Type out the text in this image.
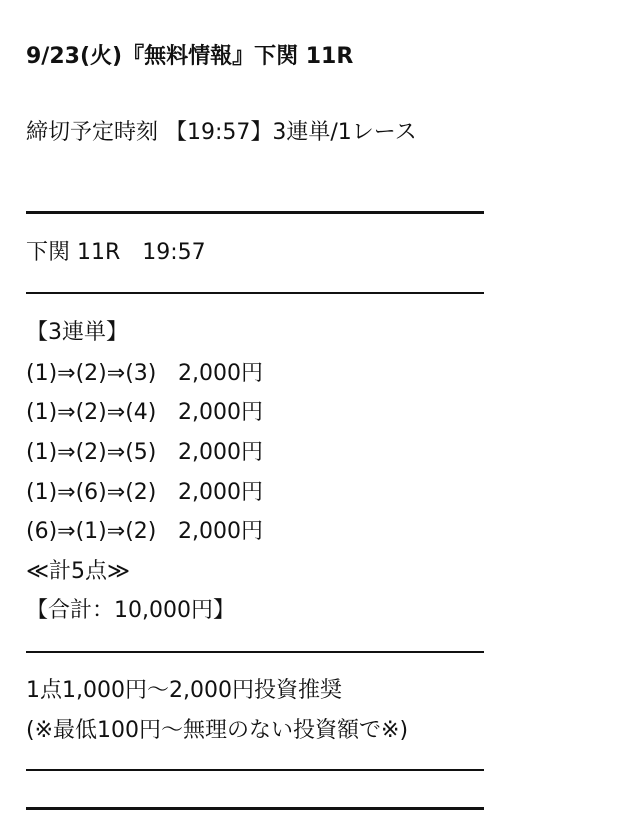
9/23(火)『無料情報』下関 11R
締切予定時刻 【19:57】3連単/1レース
下関 11R　19:57
【3連単】
(1)⇒(2)⇒(3) 2,000円
(1)⇒(2)⇒(4) 2,000円
(1)⇒(2)⇒(5) 2,000円
(1)⇒(6)⇒(2) 2,000円
(6)⇒(1)⇒(2) 2,000円
≪計5点≫
【合計：10,000円】
1点1,000円〜2,000円投資推奨
(※最低100円〜無理のない投資額で※)
